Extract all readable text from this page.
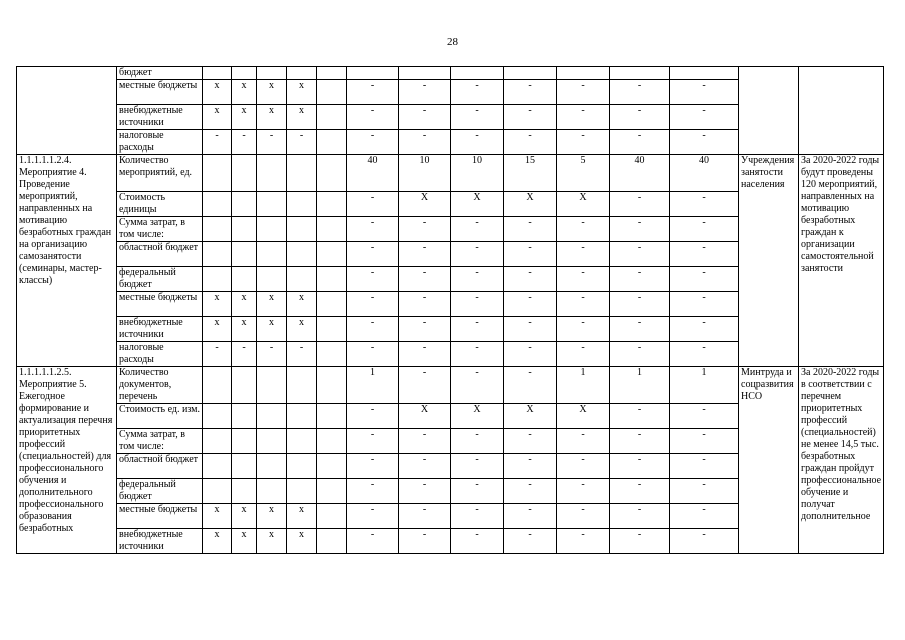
28
	бюджет														
	местные бюджеты	x	x	x	x		-	-	-	-	-	-	-		
	внебюджетные источники	x	x	x	x		-	-	-	-	-	-	-		
	налоговые расходы	-	-	-	-		-	-	-	-	-	-	-		
1.1.1.1.1.2.4. Мероприятие 4. Проведение мероприятий, направленных на мотивацию безработных граждан на организацию самозанятости (семинары, мастер-классы)	Количество мероприятий, ед.						40	10	10	15	5	40	40	Учреждения занятости населения	За 2020-2022 годы будут проведены 120 мероприятий, направленных на мотивацию безработных граждан к организации самостоятельной занятости
	Стоимость единицы						-	X	X	X	X	-	-		
	Сумма затрат, в том числе:						-	-	-	-	-	-	-		
	областной бюджет						-	-	-	-	-	-	-		
	федеральный бюджет						-	-	-	-	-	-	-		
	местные бюджеты	x	x	x	x		-	-	-	-	-	-	-		
	внебюджетные источники	x	x	x	x		-	-	-	-	-	-	-		
	налоговые расходы	-	-	-	-		-	-	-	-	-	-	-		
1.1.1.1.1.2.5. Мероприятие 5. Ежегодное формирование и актуализация перечня приоритетных профессий (специальностей) для профессионального обучения и дополнительного профессионального образования безработных	Количество документов, перечень						1	-	-	-	1	1	1	Минтруда и соцразвития НСО	За 2020-2022 годы в соответствии с перечнем приоритетных профессий (специальностей) не менее 14,5 тыс. безработных граждан пройдут профессиональное обучение и получат дополнительное
	Стоимость ед. изм.						-	X	X	X	X	-	-		
	Сумма затрат, в том числе:						-	-	-	-	-	-	-		
	областной бюджет						-	-	-	-	-	-	-		
	федеральный бюджет						-	-	-	-	-	-	-		
	местные бюджеты	x	x	x	x		-	-	-	-	-	-	-		
	внебюджетные источники	x	x	x	x		-	-	-	-	-	-	-		
